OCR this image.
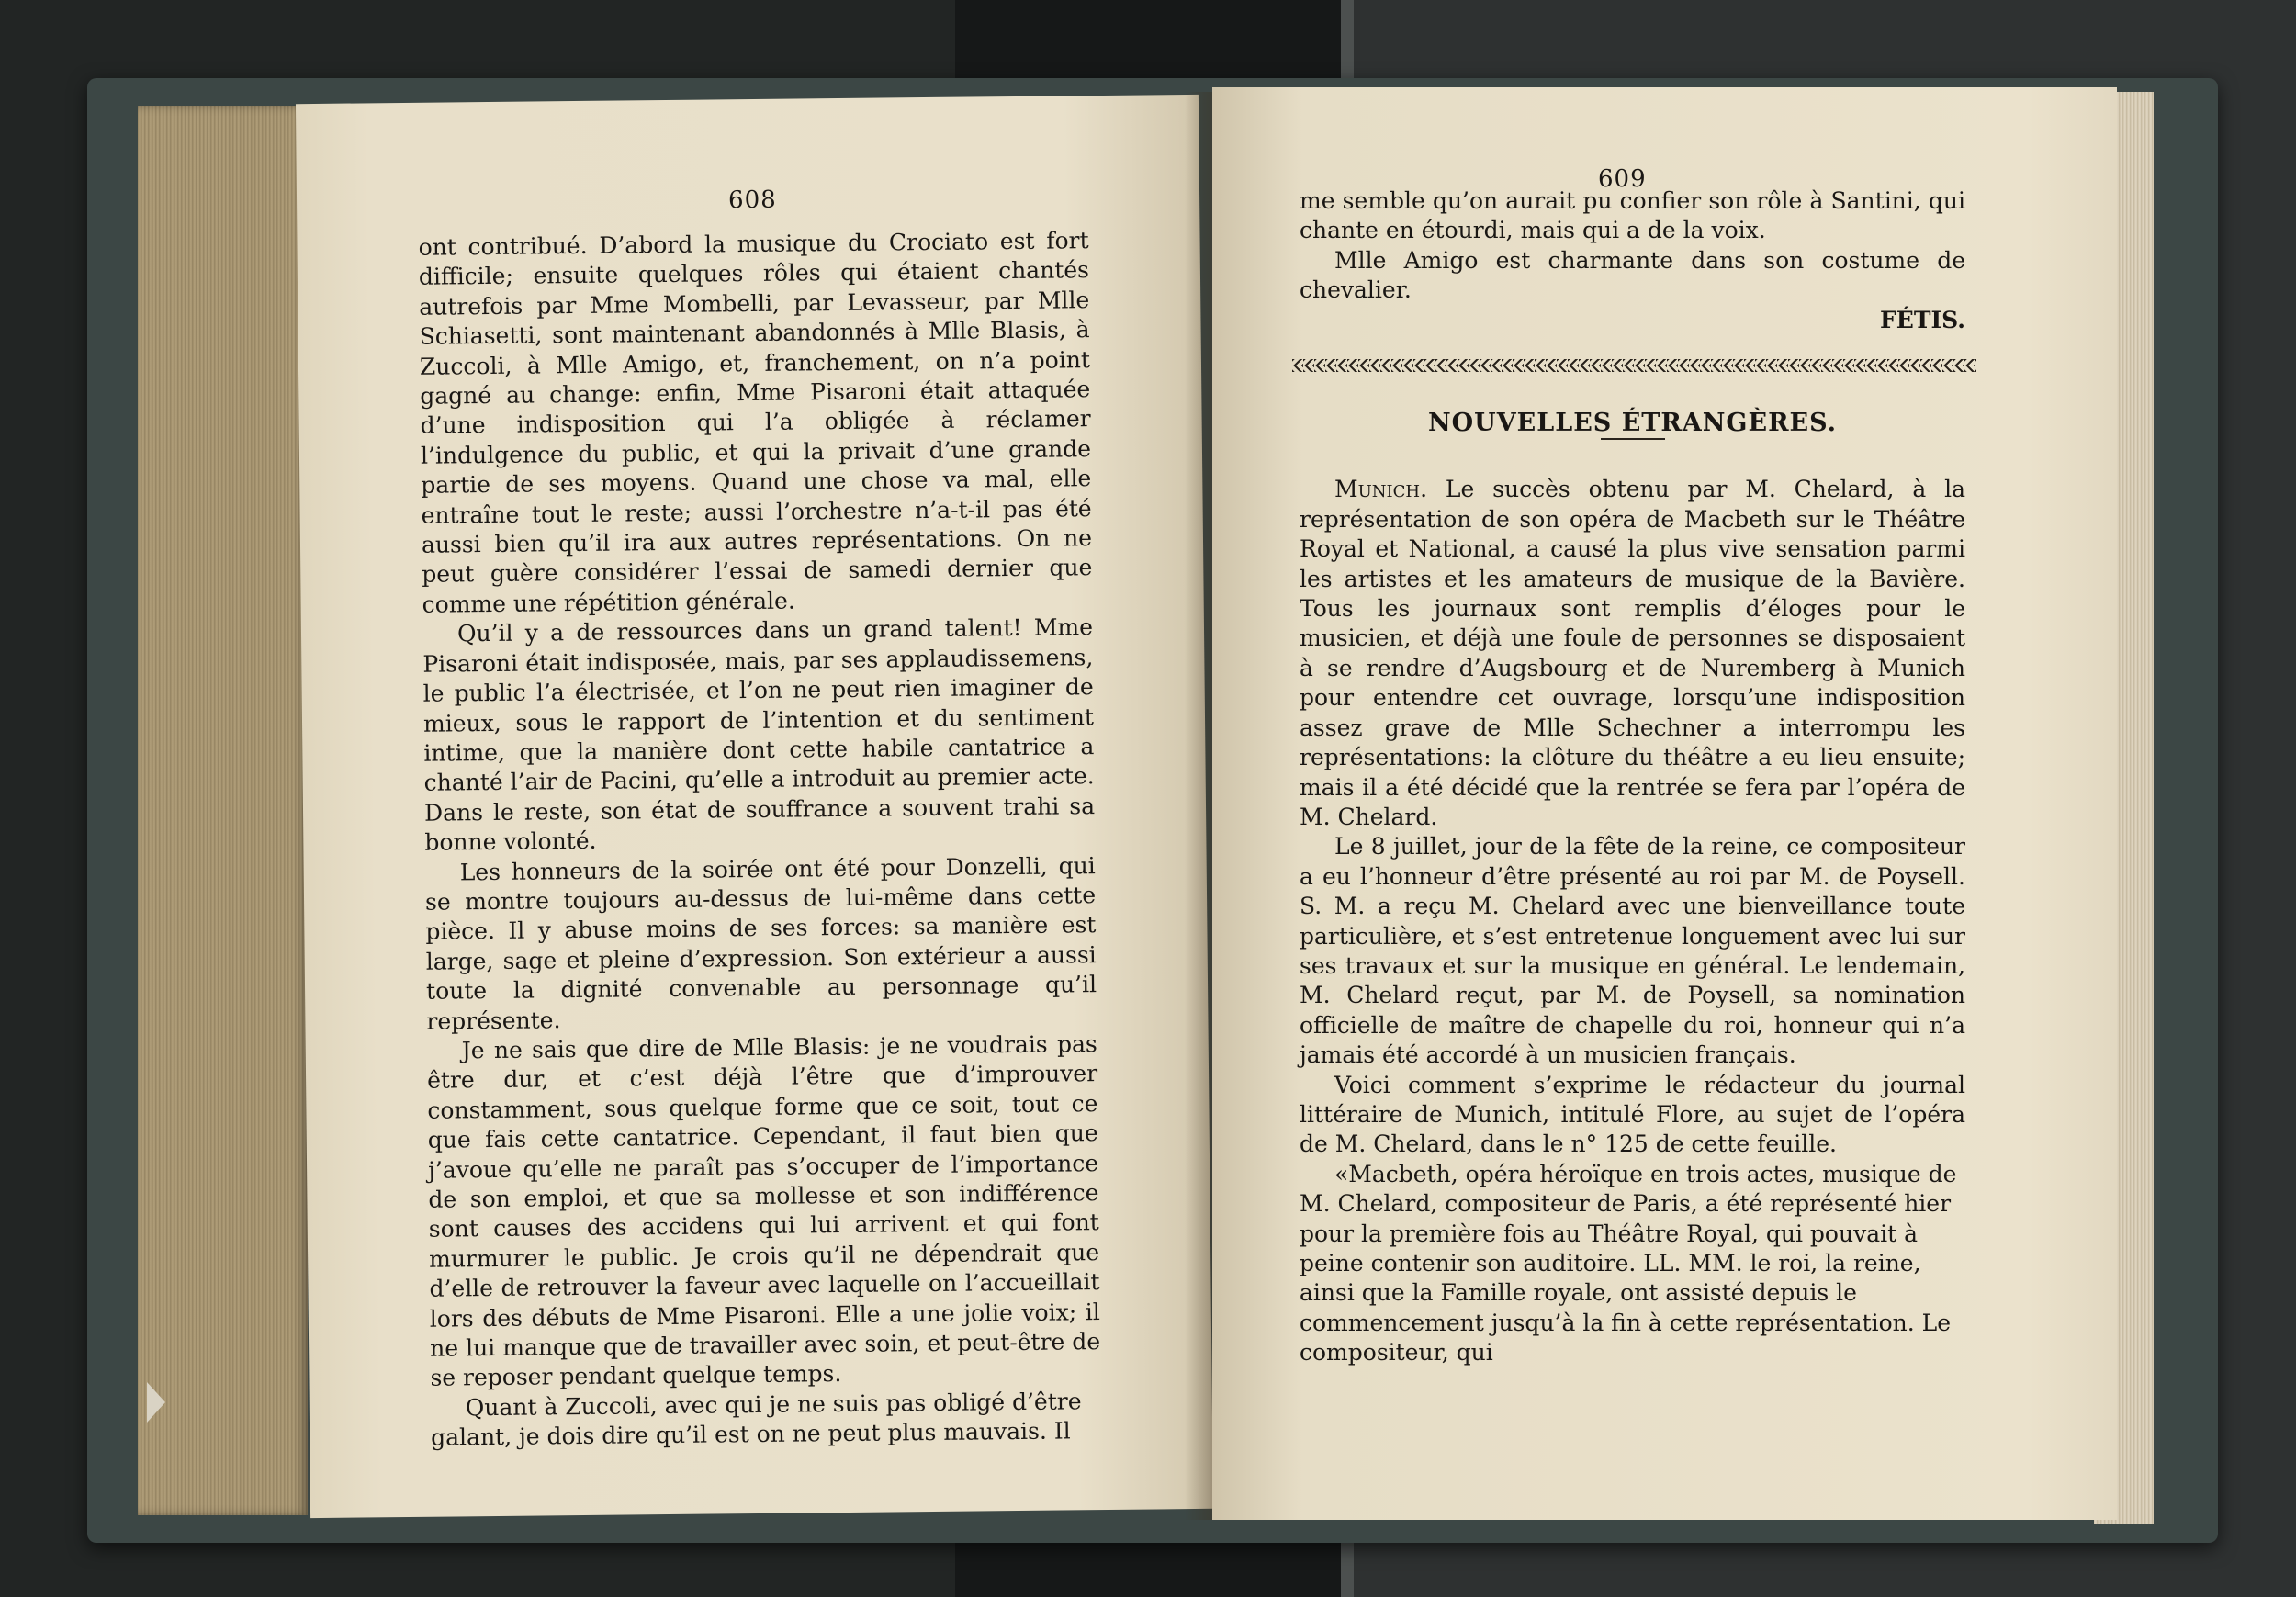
608

ont contribué. D’abord la musique du Crociato est fort difficile; ensuite quelques rôles qui étaient chantés autrefois par Mme Mombelli, par Levasseur, par Mlle Schiasetti, sont maintenant abandonnés à Mlle Blasis, à Zuccoli, à Mlle Amigo, et, franchement, on n’a point gagné au change: enfin, Mme Pisaroni était attaquée d’une indisposition qui l’a obligée à réclamer l’indulgence du public, et qui la privait d’une grande partie de ses moyens. Quand une chose va mal, elle entraîne tout le reste; aussi l’orchestre n’a-t-il pas été aussi bien qu’il ira aux autres représentations. On ne peut guère considérer l’essai de samedi dernier que comme une répétition générale.

Qu’il y a de ressources dans un grand talent! Mme Pisaroni était indisposée, mais, par ses applaudissemens, le public l’a électrisée, et l’on ne peut rien imaginer de mieux, sous le rapport de l’intention et du sentiment intime, que la manière dont cette habile cantatrice a chanté l’air de Pacini, qu’elle a introduit au premier acte. Dans le reste, son état de souffrance a souvent trahi sa bonne volonté.

Les honneurs de la soirée ont été pour Donzelli, qui se montre toujours au-dessus de lui-même dans cette pièce. Il y abuse moins de ses forces: sa manière est large, sage et pleine d’expression. Son extérieur a aussi toute la dignité convenable au personnage qu’il représente.

Je ne sais que dire de Mlle Blasis: je ne voudrais pas être dur, et c’est déjà l’être que d’improuver constamment, sous quelque forme que ce soit, tout ce que fais cette cantatrice. Cependant, il faut bien que j’avoue qu’elle ne paraît pas s’occuper de l’importance de son emploi, et que sa mollesse et son indifférence sont causes des accidens qui lui arrivent et qui font murmurer le public. Je crois qu’il ne dépendrait que d’elle de retrouver la faveur avec laquelle on l’accueillait lors des débuts de Mme Pisaroni. Elle a une jolie voix; il ne lui manque que de travailler avec soin, et peut-être de se reposer pendant quelque temps.

Quant à Zuccoli, avec qui je ne suis pas obligé d’être galant, je dois dire qu’il est on ne peut plus mauvais. Il

609

me semble qu’on aurait pu confier son rôle à Santini, qui chante en étourdi, mais qui a de la voix.

Mlle Amigo est charmante dans son costume de chevalier.

FÉTIS.

NOUVELLES ÉTRANGÈRES.

Munich. Le succès obtenu par M. Chelard, à la représentation de son opéra de Macbeth sur le Théâtre Royal et National, a causé la plus vive sensation parmi les artistes et les amateurs de musique de la Bavière. Tous les journaux sont remplis d’éloges pour le musicien, et déjà une foule de personnes se disposaient à se rendre d’Augsbourg et de Nuremberg à Munich pour entendre cet ouvrage, lorsqu’une indisposition assez grave de Mlle Schechner a interrompu les représentations: la clôture du théâtre a eu lieu ensuite; mais il a été décidé que la rentrée se fera par l’opéra de M. Chelard.

Le 8 juillet, jour de la fête de la reine, ce compositeur a eu l’honneur d’être présenté au roi par M. de Poysell. S. M. a reçu M. Chelard avec une bienveillance toute particulière, et s’est entretenue longuement avec lui sur ses travaux et sur la musique en général. Le lendemain, M. Chelard reçut, par M. de Poysell, sa nomination officielle de maître de chapelle du roi, honneur qui n’a jamais été accordé à un musicien français.

Voici comment s’exprime le rédacteur du journal littéraire de Munich, intitulé Flore, au sujet de l’opéra de M. Chelard, dans le n° 125 de cette feuille.

«Macbeth, opéra héroïque en trois actes, musique de M. Chelard, compositeur de Paris, a été représenté hier pour la première fois au Théâtre Royal, qui pouvait à peine contenir son auditoire. LL. MM. le roi, la reine, ainsi que la Famille royale, ont assisté depuis le commencement jusqu’à la fin à cette représentation. Le compositeur, qui
